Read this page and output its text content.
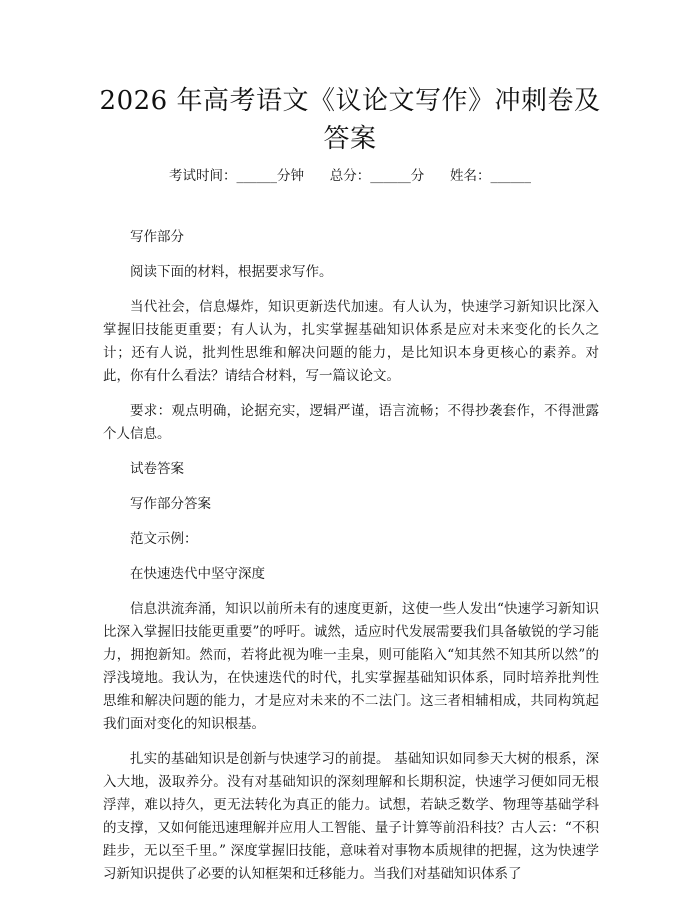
2026 年高考语文《议论文写作》冲刺卷及答案
考试时间：______分钟      总分：______分      姓名：______

写作部分

阅读下面的材料，根据要求写作。

当代社会，信息爆炸，知识更新迭代加速。有人认为，快速学习新知识比深入掌握旧技能更重要；有人认为，扎实掌握基础知识体系是应对未来变化的长久之计；还有人说，批判性思维和解决问题的能力，是比知识本身更核心的素养。对此，你有什么看法？请结合材料，写一篇议论文。

要求：观点明确，论据充实，逻辑严谨，语言流畅；不得抄袭套作，不得泄露个人信息。

试卷答案

写作部分答案

范文示例：

在快速迭代中坚守深度

信息洪流奔涌，知识以前所未有的速度更新，这使一些人发出“快速学习新知识比深入掌握旧技能更重要”的呼吁。诚然，适应时代发展需要我们具备敏锐的学习能力，拥抱新知。然而，若将此视为唯一圭臬，则可能陷入“知其然不知其所以然”的浮浅境地。我认为，在快速迭代的时代，扎实掌握基础知识体系，同时培养批判性思维和解决问题的能力，才是应对未来的不二法门。这三者相辅相成，共同构筑起我们面对变化的知识根基。

扎实的基础知识是创新与快速学习的前提。 基础知识如同参天大树的根系，深入大地，汲取养分。没有对基础知识的深刻理解和长期积淀，快速学习便如同无根浮萍，难以持久，更无法转化为真正的能力。试想，若缺乏数学、物理等基础学科的支撑，又如何能迅速理解并应用人工智能、量子计算等前沿科技？古人云：“不积跬步，无以至千里。” 深度掌握旧技能，意味着对事物本质规律的把握，这为快速学习新知识提供了必要的认知框架和迁移能力。当我们对基础知识体系了
